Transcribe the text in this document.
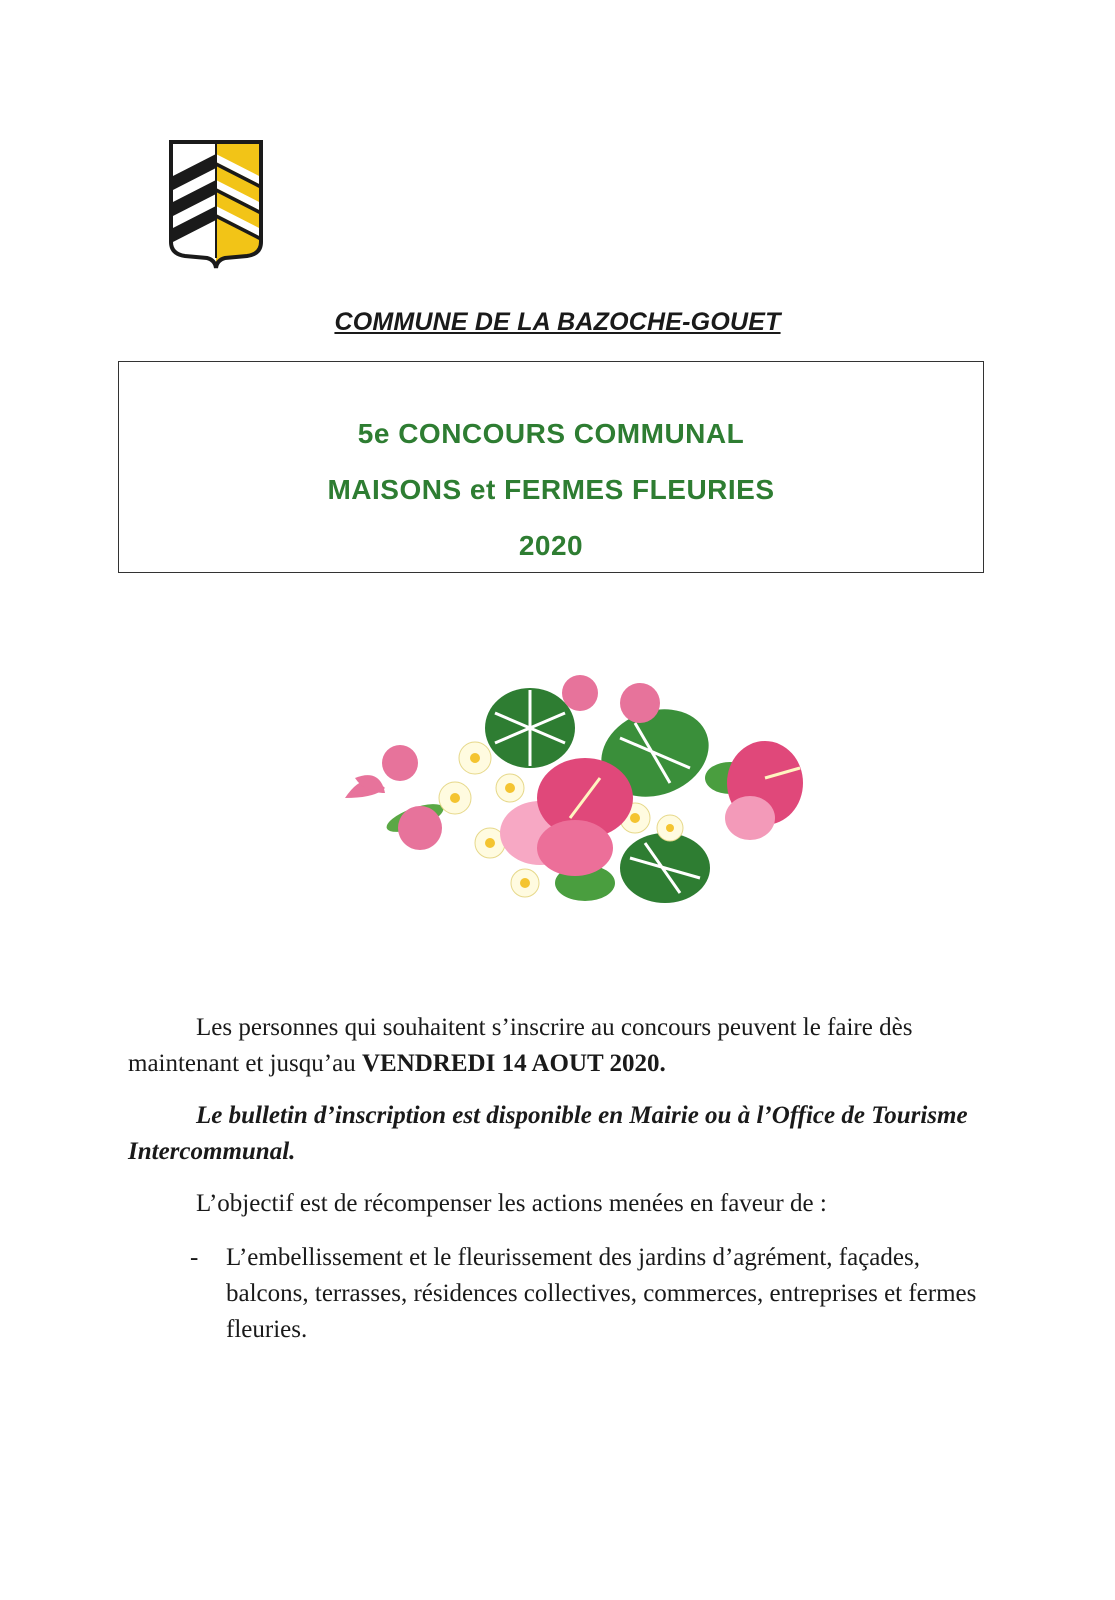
COMMUNE DE LA BAZOCHE-GOUET
5e CONCOURS COMMUNAL
MAISONS et FERMES FLEURIES
2020
Les personnes qui souhaitent s’inscrire au concours peuvent le faire dès maintenant et jusqu’au VENDREDI 14 AOUT 2020.
Le bulletin d’inscription est disponible en Mairie ou à l’Office de Tourisme Intercommunal.
L’objectif est de récompenser les actions menées en faveur de :
- L’embellissement et le fleurissement des jardins d’agrément, façades, balcons, terrasses, résidences collectives, commerces, entreprises et fermes fleuries.
